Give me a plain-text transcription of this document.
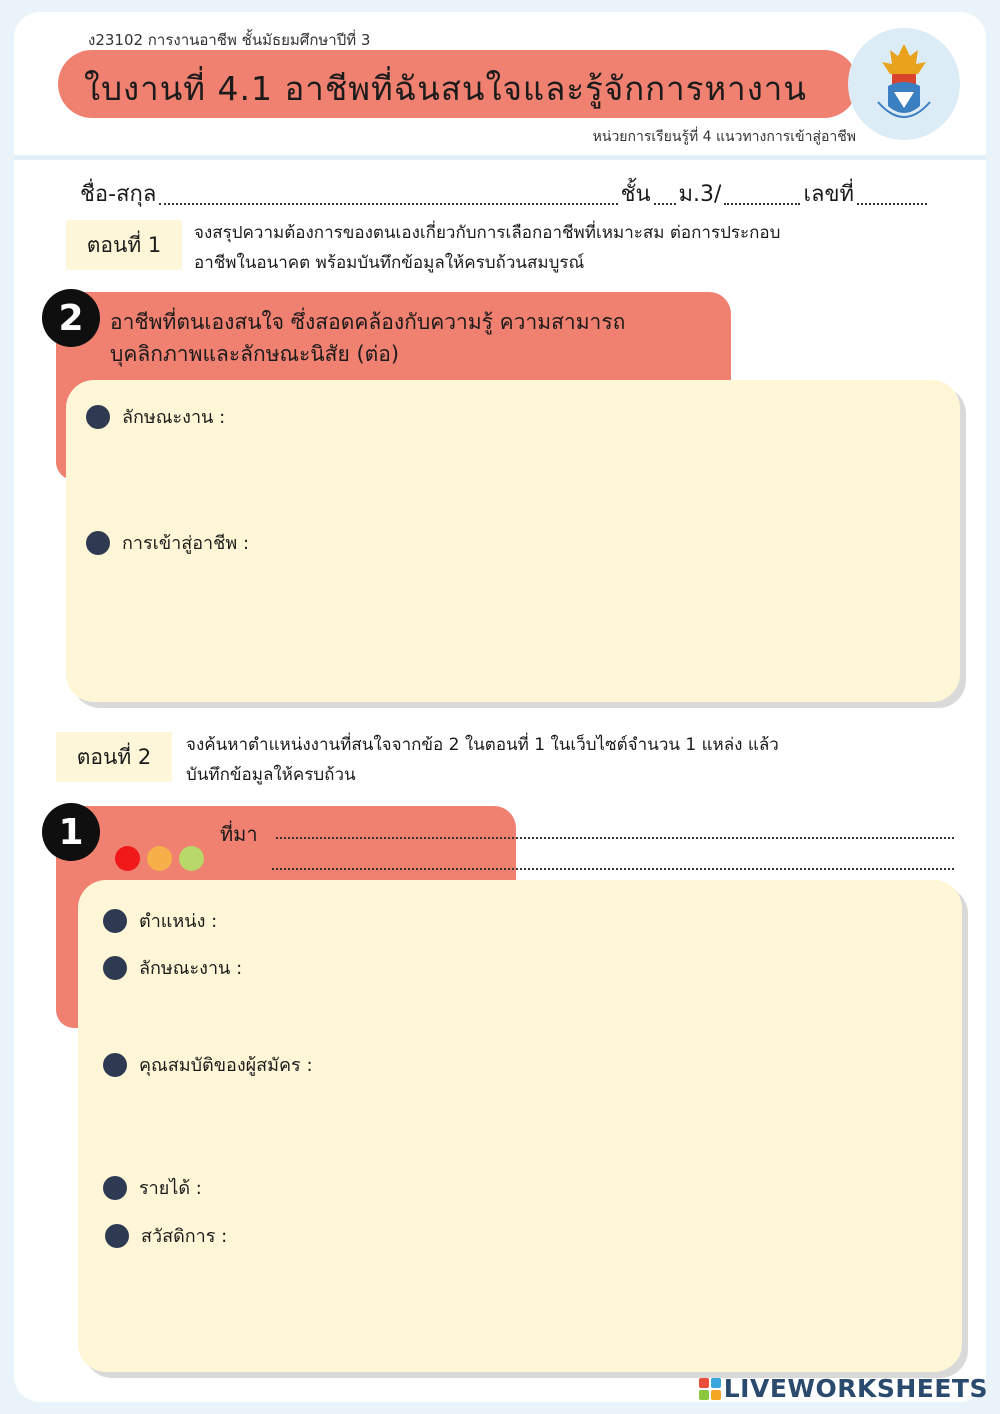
ง23102 การงานอาชีพ ชั้นมัธยมศึกษาปีที่ 3
ใบงานที่ 4.1 อาชีพที่ฉันสนใจและรู้จักการหางาน
หน่วยการเรียนรู้ที่ 4 แนวทางการเข้าสู่อาชีพ
ชื่อ-สกุล	ชั้น ม.3/	เลขที่
ตอนที่ 1 จงสรุปความต้องการของตนเองเกี่ยวกับการเลือกอาชีพที่เหมาะสม ต่อการประกอบ
อาชีพในอนาคต พร้อมบันทึกข้อมูลให้ครบถ้วนสมบูรณ์
2	อาชีพที่ตนเองสนใจ ซึ่งสอดคล้องกับความรู้ ความสามารถ
บุคลิกภาพและลักษณะนิสัย (ต่อ)
ลักษณะงาน :
การเข้าสู่อาชีพ :
ตอนที่ 2 จงค้นหาตำแหน่งงานที่สนใจจากข้อ 2 ในตอนที่ 1 ในเว็บไซต์จำนวน 1 แหล่ง แล้ว
บันทึกข้อมูลให้ครบถ้วน
1	ที่มา
ตำแหน่ง :
ลักษณะงาน :
คุณสมบัติของผู้สมัคร :
รายได้ :
สวัสดิการ :
LIVEWORKSHEETS
